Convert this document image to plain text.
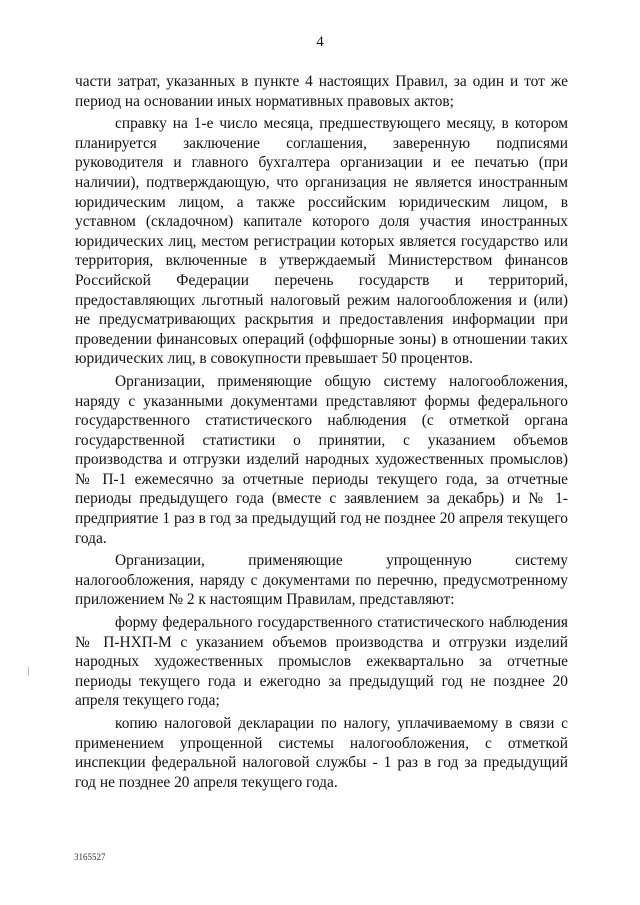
4

части затрат, указанных в пункте 4 настоящих Правил, за один и тот же период на основании иных нормативных правовых актов;

справку на 1-е число месяца, предшествующего месяцу, в котором планируется заключение соглашения, заверенную подписями руководителя и главного бухгалтера организации и ее печатью (при наличии), подтверждающую, что организация не является иностранным юридическим лицом, а также российским юридическим лицом, в уставном (складочном) капитале которого доля участия иностранных юридических лиц, местом регистрации которых является государство или территория, включенные в утверждаемый Министерством финансов Российской Федерации перечень государств и территорий, предоставляющих льготный налоговый режим налогообложения и (или) не предусматривающих раскрытия и предоставления информации при проведении финансовых операций (оффшорные зоны) в отношении таких юридических лиц, в совокупности превышает 50 процентов.

Организации, применяющие общую систему налогообложения, наряду с указанными документами представляют формы федерального государственного статистического наблюдения (с отметкой органа государственной статистики о принятии, с указанием объемов производства и отгрузки изделий народных художественных промыслов) № П-1 ежемесячно за отчетные периоды текущего года, за отчетные периоды предыдущего года (вместе с заявлением за декабрь) и № 1-предприятие 1 раз в год за предыдущий год не позднее 20 апреля текущего года.

Организации, применяющие упрощенную систему налогообложения, наряду с документами по перечню, предусмотренному приложением № 2 к настоящим Правилам, представляют:

форму федерального государственного статистического наблюдения № П-НХП-М с указанием объемов производства и отгрузки изделий народных художественных промыслов ежеквартально за отчетные периоды текущего года и ежегодно за предыдущий год не позднее 20 апреля текущего года;

копию налоговой декларации по налогу, уплачиваемому в связи с применением упрощенной системы налогообложения, с отметкой инспекции федеральной налоговой службы - 1 раз в год за предыдущий год не позднее 20 апреля текущего года.

3165527
